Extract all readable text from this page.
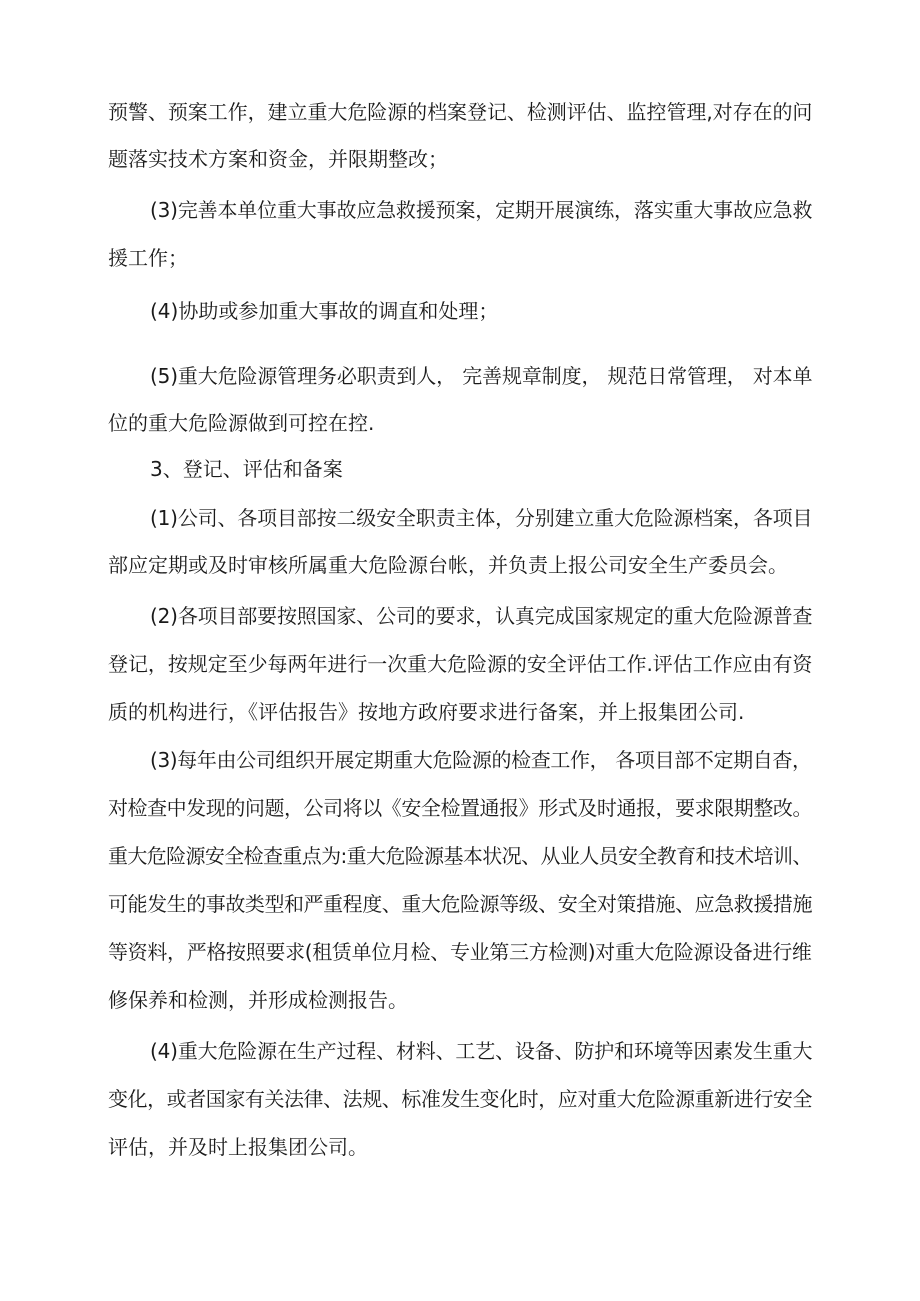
预警、预案工作，建立重大危险源的档案登记、检测评估、监控管理,对存在的问

题落实技术方案和资金，并限期整改；

(3)完善本单位重大事故应急救援预案，定期开展演练，落实重大事故应急救

援工作；

(4)协助或参加重大事故的调直和处理；

(5)重大危险源管理务必职责到人， 完善规章制度， 规范日常管理， 对本单

位的重大危险源做到可控在控.

3、登记、评估和备案

(1)公司、各项目部按二级安全职责主体，分别建立重大危险源档案，各项目

部应定期或及时审核所属重大危险源台帐，并负责上报公司安全生产委员会。

(2)各项目部要按照国家、公司的要求，认真完成国家规定的重大危险源普查

登记，按规定至少每两年进行一次重大危险源的安全评估工作.评估工作应由有资

质的机构进行，《评估报告》按地方政府要求进行备案，并上报集团公司.

(3)每年由公司组织开展定期重大危险源的检查工作， 各项目部不定期自杳，

对检查中发现的问题，公司将以《安全检置通报》形式及时通报，要求限期整改。

重大危险源安全检查重点为:重大危险源基本状况、从业人员安全教育和技术培训、

可能发生的事故类型和严重程度、重大危险源等级、安全对策措施、应急救援措施

等资料，严格按照要求(租赁单位月检、专业第三方检测)对重大危险源设备进行维

修保养和检测，并形成检测报告。

(4)重大危险源在生产过程、材料、工艺、设备、防护和环境等因素发生重大

变化，或者国家有关法律、法规、标准发生变化时，应对重大危险源重新进行安全

评估，并及时上报集团公司。
